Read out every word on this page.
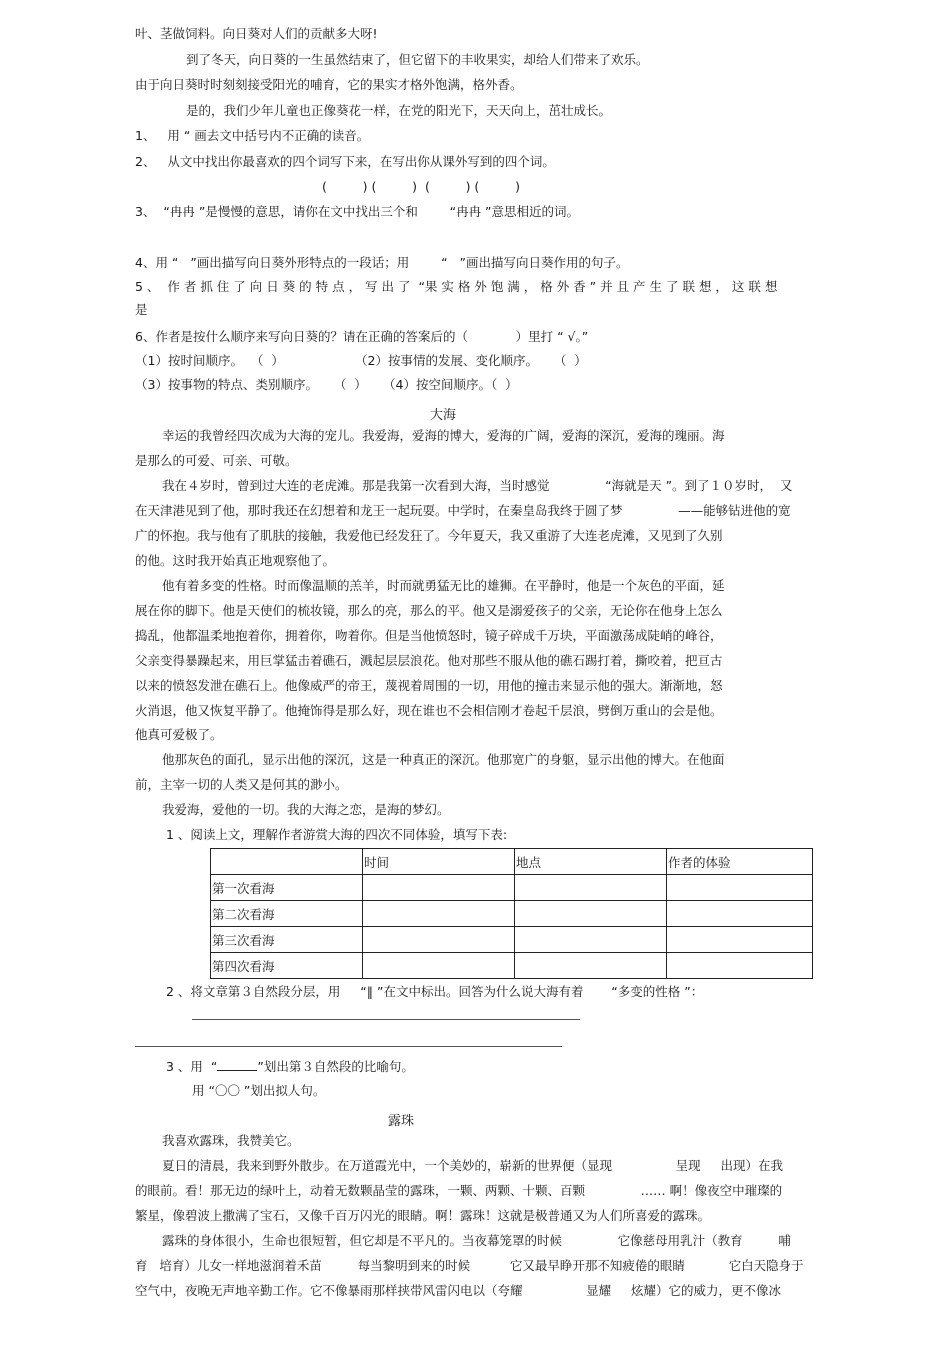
叶、茎做饲料。向日葵对人们的贡献多大呀!
到了冬天，向日葵的一生虽然结束了，但它留下的丰收果实，却给人们带来了欢乐。
由于向日葵时时刻刻接受阳光的哺育，它的果实才格外饱满，格外香。
是的，我们少年儿童也正像葵花一样，在党的阳光下，天天向上，茁壮成长。
1、   用 “ 画去文中括号内不正确的读音。
2、   从文中找出你最喜欢的四个词写下来，在写出你从课外写到的四个词。
(         ) (         )  (         ) (         )
3、  “冉冉 ”是慢慢的意思，请你在文中找出三个和        “冉冉 ”意思相近的词。
4、用 “   ”画出描写向日葵外形特点的一段话；用        “   ”画出描写向日葵作用的句子。
5 、  作 者 抓 住 了 向 日 葵 的 特 点 ， 写 出 了  “果 实 格 外 饱 满 ， 格 外 香 ” 并 且 产 生 了 联 想 ， 这 联 想
是
6、作者是按什么顺序来写向日葵的？请在正确的答案后的（            ）里打 “ √。”
（1）按时间顺序。  （  ）	（2）按事情的发展、变化顺序。    （  ）
（3）按事物的特点、类别顺序。    （  ） （4）按空间顺序。（  ）
大海
幸运的我曾经四次成为大海的宠儿。我爱海，爱海的博大，爱海的广阔，爱海的深沉，爱海的瑰丽。海
是那么的可爱、可亲、可敬。
我在４岁时，曾到过大连的老虎滩。那是我第一次看到大海，当时感觉              “海就是天 ”。到了１０岁时，  又
在天津港见到了他，那时我还在幻想着和龙王一起玩耍。中学时，在秦皇岛我终于圆了梦              ——能够钻进他的宽
广的怀抱。我与他有了肌肤的接触，我爱他已经发狂了。今年夏天，我又重游了大连老虎滩，又见到了久别
的他。这时我开始真正地观察他了。
他有着多变的性格。时而像温顺的羔羊，时而就勇猛无比的雄狮。在平静时，他是一个灰色的平面，延
展在你的脚下。他是天使们的梳妆镜，那么的亮，那么的平。他又是溺爱孩子的父亲，无论你在他身上怎么
捣乱，他都温柔地抱着你，拥着你，吻着你。但是当他愤怒时，镜子碎成千万块，平面激荡成陡峭的峰谷，
父亲变得暴躁起来，用巨掌猛击着礁石，溅起层层浪花。他对那些不服从他的礁石踢打着，撕咬着，把亘古
以来的愤怒发泄在礁石上。他像威严的帝王，蔑视着周围的一切，用他的撞击来显示他的强大。渐渐地，怒
火消退，他又恢复平静了。他掩饰得是那么好，现在谁也不会相信刚才卷起千层浪，劈倒万重山的会是他。
他真可爱极了。
他那灰色的面孔，显示出他的深沉，这是一种真正的深沉。他那宽广的身躯，显示出他的博大。在他面
前，主宰一切的人类又是何其的渺小。
我爱海，爱他的一切。我的大海之恋，是海的梦幻。
1 、阅读上文，理解作者游赏大海的四次不同体验，填写下表:
	时间	地点	作者的体验
第一次看海			
第二次看海			
第三次看海			
第四次看海			
2 、将文章第３自然段分层，用     “‖ ”在文中标出。回答为什么说大海有着       “多变的性格 ”：
3 、用  “	”划出第３自然段的比喻句。
用 “〇〇 ”划出拟人句。
露珠
我喜欢露珠，我赞美它。
夏日的清晨，我来到野外散步。在万道霞光中，一个美妙的，崭新的世界便（显现                呈现     出现）在我
的眼前。看！那无边的绿叶上，动着无数颗晶莹的露珠，一颗、两颗、十颗、百颗              …… 啊！像夜空中璀璨的
繁星，像碧波上撒满了宝石，又像千百万闪光的眼睛。啊！露珠！这就是极普通又为人们所喜爱的露珠。
露珠的身体很小，生命也很短暂，但它却是不平凡的。当夜幕笼罩的时候              它像慈母用乳汁（教育         哺
育   培育）儿女一样地滋润着禾苗         每当黎明到来的时候          它又最早睁开那不知疲倦的眼睛           它白天隐身于
空气中，夜晚无声地辛勤工作。它不像暴雨那样挟带风雷闪电以（夸耀                显耀     炫耀）它的威力，更不像冰
